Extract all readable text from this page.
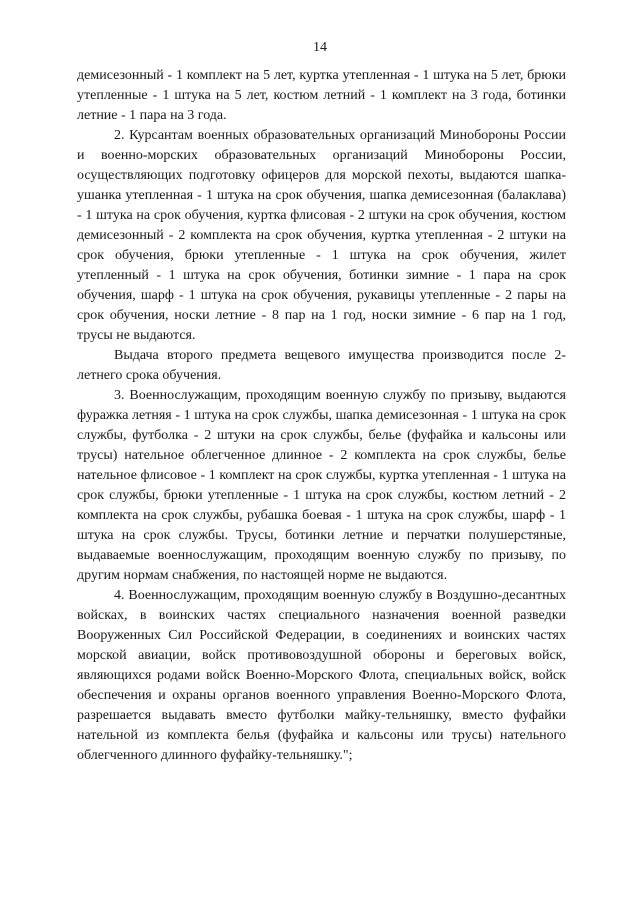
14

демисезонный - 1 комплект на 5 лет, куртка утепленная - 1 штука на 5 лет, брюки утепленные - 1 штука на 5 лет, костюм летний - 1 комплект на 3 года, ботинки летние - 1 пара на 3 года.

2. Курсантам военных образовательных организаций Минобороны России и военно-морских образовательных организаций Минобороны России, осуществляющих подготовку офицеров для морской пехоты, выдаются шапка-ушанка утепленная - 1 штука на срок обучения, шапка демисезонная (балаклава) - 1 штука на срок обучения, куртка флисовая - 2 штуки на срок обучения, костюм демисезонный - 2 комплекта на срок обучения, куртка утепленная - 2 штуки на срок обучения, брюки утепленные - 1 штука на срок обучения, жилет утепленный - 1 штука на срок обучения, ботинки зимние - 1 пара на срок обучения, шарф - 1 штука на срок обучения, рукавицы утепленные - 2 пары на срок обучения, носки летние - 8 пар на 1 год, носки зимние - 6 пар на 1 год, трусы не выдаются.

Выдача второго предмета вещевого имущества производится после 2-летнего срока обучения.

3. Военнослужащим, проходящим военную службу по призыву, выдаются фуражка летняя - 1 штука на срок службы, шапка демисезонная - 1 штука на срок службы, футболка - 2 штуки на срок службы, белье (фуфайка и кальсоны или трусы) нательное облегченное длинное - 2 комплекта на срок службы, белье нательное флисовое - 1 комплект на срок службы, куртка утепленная - 1 штука на срок службы, брюки утепленные - 1 штука на срок службы, костюм летний - 2 комплекта на срок службы, рубашка боевая - 1 штука на срок службы, шарф - 1 штука на срок службы. Трусы, ботинки летние и перчатки полушерстяные, выдаваемые военнослужащим, проходящим военную службу по призыву, по другим нормам снабжения, по настоящей норме не выдаются.

4. Военнослужащим, проходящим военную службу в Воздушно-десантных войсках, в воинских частях специального назначения военной разведки Вооруженных Сил Российской Федерации, в соединениях и воинских частях морской авиации, войск противовоздушной обороны и береговых войск, являющихся родами войск Военно-Морского Флота, специальных войск, войск обеспечения и охраны органов военного управления Военно-Морского Флота, разрешается выдавать вместо футболки майку-тельняшку, вместо фуфайки нательной из комплекта белья (фуфайка и кальсоны или трусы) нательного облегченного длинного фуфайку-тельняшку.";
